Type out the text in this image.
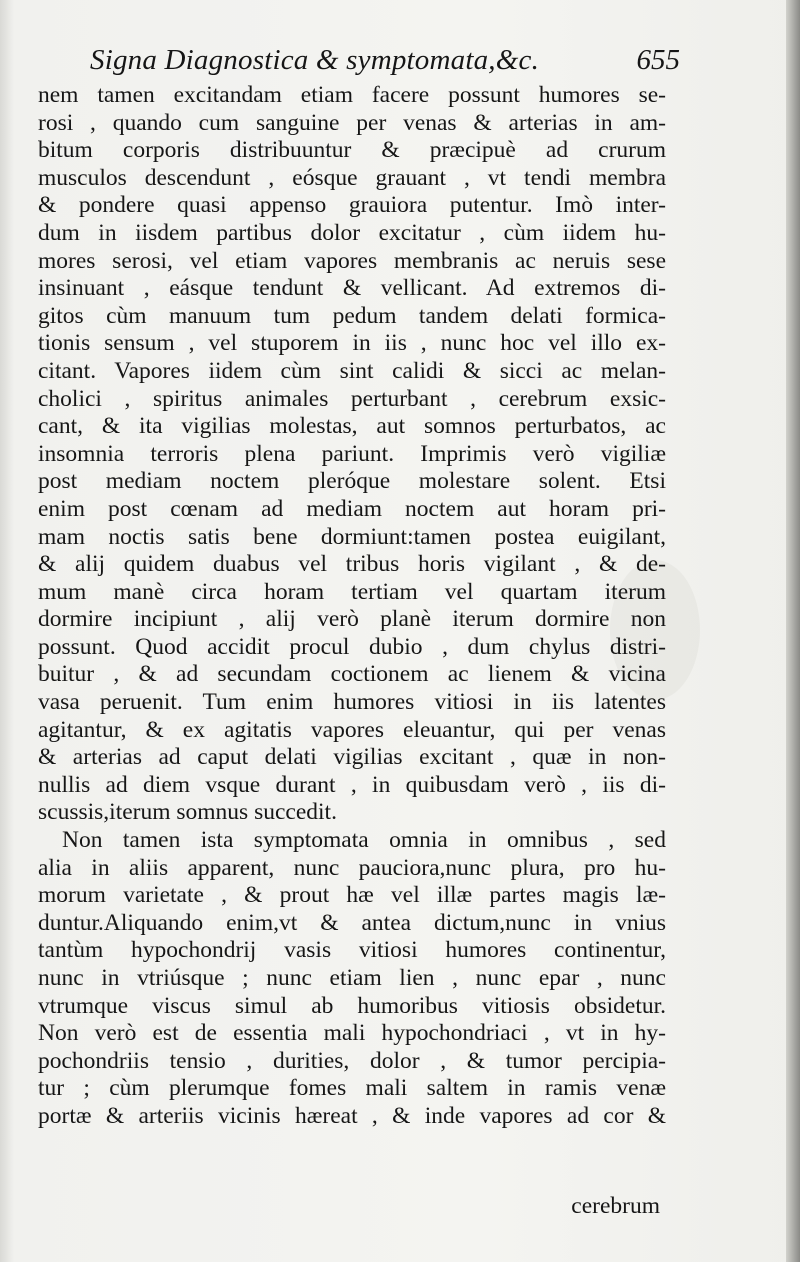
Signa Diagnostica & symptomata,&c.	655
nem tamen excitandam etiam facere possunt humores se-
rosi , quando cum sanguine per venas & arterias in am-
bitum corporis distribuuntur & præcipuè ad crurum
musculos descendunt , eósque grauant , vt tendi membra
& pondere quasi appenso grauiora putentur. Imò inter-
dum in iisdem partibus dolor excitatur , cùm iidem hu-
mores serosi, vel etiam vapores membranis ac neruis sese
insinuant , eásque tendunt & vellicant. Ad extremos di-
gitos cùm manuum tum pedum tandem delati formica-
tionis sensum , vel stuporem in iis , nunc hoc vel illo ex-
citant. Vapores iidem cùm sint calidi & sicci ac melan-
cholici , spiritus animales perturbant , cerebrum exsic-
cant, & ita vigilias molestas, aut somnos perturbatos, ac
insomnia terroris plena pariunt. Imprimis verò vigiliæ
post mediam noctem pleróque molestare solent. Etsi
enim post cœnam ad mediam noctem aut horam pri-
mam noctis satis bene dormiunt:tamen postea euigilant,
& alij quidem duabus vel tribus horis vigilant , & de-
mum manè circa horam tertiam vel quartam iterum
dormire incipiunt , alij verò planè iterum dormire non
possunt. Quod accidit procul dubio , dum chylus distri-
buitur , & ad secundam coctionem ac lienem & vicina
vasa peruenit. Tum enim humores vitiosi in iis latentes
agitantur, & ex agitatis vapores eleuantur, qui per venas
& arterias ad caput delati vigilias excitant , quæ in non-
nullis ad diem vsque durant , in quibusdam verò , iis di-
scussis,iterum somnus succedit.
Non tamen ista symptomata omnia in omnibus , sed
alia in aliis apparent, nunc pauciora,nunc plura, pro hu-
morum varietate , & prout hæ vel illæ partes magis læ-
duntur.Aliquando enim,vt & antea dictum,nunc in vnius
tantùm hypochondrij vasis vitiosi humores continentur,
nunc in vtriúsque ; nunc etiam lien , nunc epar , nunc
vtrumque viscus simul ab humoribus vitiosis obsidetur.
Non verò est de essentia mali hypochondriaci , vt in hy-
pochondriis tensio , durities, dolor , & tumor percipia-
tur ; cùm plerumque fomes mali saltem in ramis venæ
portæ & arteriis vicinis hæreat , & inde vapores ad cor &
cerebrum
